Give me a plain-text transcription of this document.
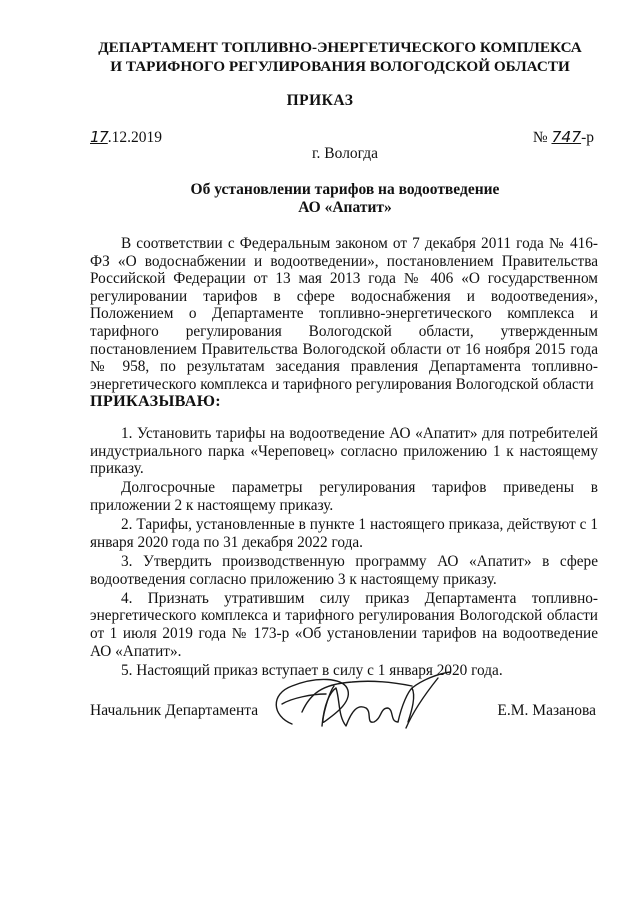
ДЕПАРТАМЕНТ ТОПЛИВНО-ЭНЕРГЕТИЧЕСКОГО КОМПЛЕКСА
И ТАРИФНОГО РЕГУЛИРОВАНИЯ ВОЛОГОДСКОЙ ОБЛАСТИ
ПРИКАЗ
17.12.2019	№ 747-р
г. Вологда
Об установлении тарифов на водоотведение
АО «Апатит»

В соответствии с Федеральным законом от 7 декабря 2011 года № 416-ФЗ «О водоснабжении и водоотведении», постановлением Правительства Российской Федерации от 13 мая 2013 года № 406 «О государственном регулировании тарифов в сфере водоснабжения и водоотведения», Положением о Департаменте топливно-энергетического комплекса и тарифного регулирования Вологодской области, утвержденным постановлением Правительства Вологодской области от 16 ноября 2015 года № 958, по результатам заседания правления Департамента топливно-энергетического комплекса и тарифного регулирования Вологодской области

ПРИКАЗЫВАЮ:

1. Установить тарифы на водоотведение АО «Апатит» для потребителей индустриального парка «Череповец» согласно приложению 1 к настоящему приказу.

Долгосрочные параметры регулирования тарифов приведены в приложении 2 к настоящему приказу.

2. Тарифы, установленные в пункте 1 настоящего приказа, действуют с 1 января 2020 года по 31 декабря 2022 года.

3. Утвердить производственную программу АО «Апатит» в сфере водоотведения согласно приложению 3 к настоящему приказу.

4. Признать утратившим силу приказ Департамента топливно-энергетического комплекса и тарифного регулирования Вологодской области от 1 июля 2019 года № 173-р «Об установлении тарифов на водоотведение АО «Апатит».

5. Настоящий приказ вступает в силу с 1 января 2020 года.

Начальник Департамента	Е.М. Мазанова
